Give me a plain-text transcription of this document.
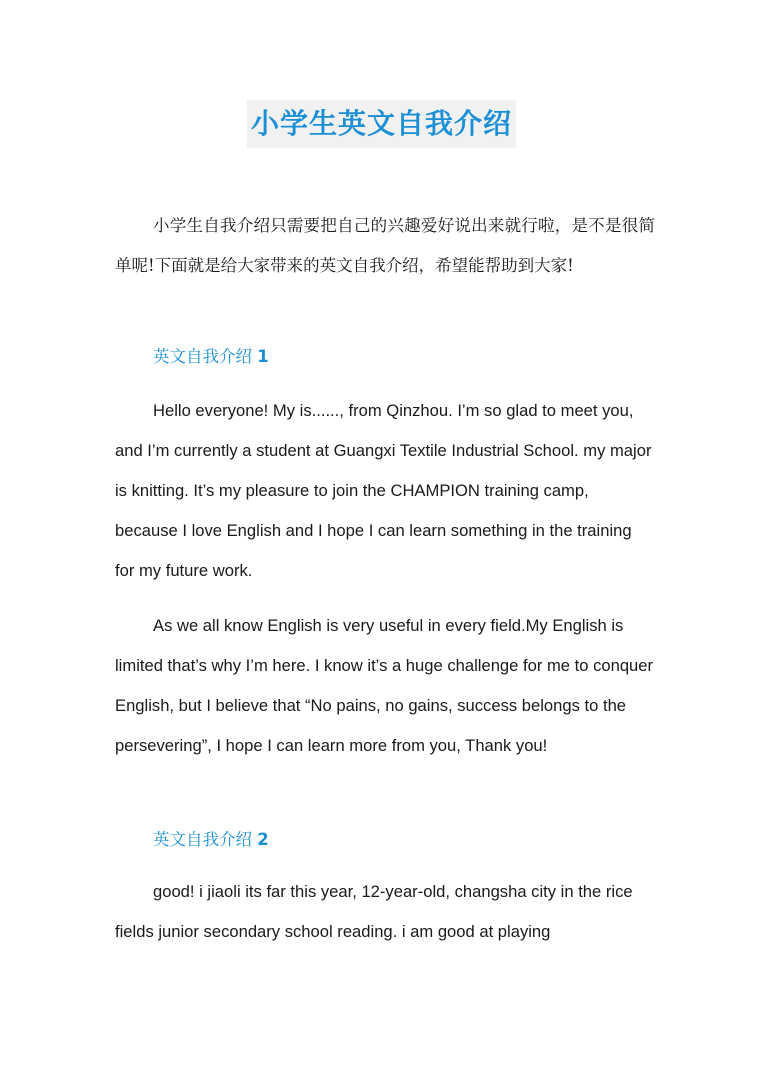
小学生英文自我介绍
小学生自我介绍只需要把自己的兴趣爱好说出来就行啦，是不是很简单呢!下面就是给大家带来的英文自我介绍，希望能帮助到大家!
英文自我介绍 1
Hello everyone! My is......, from Qinzhou. I’m so glad to meet you, and I’m currently a student at Guangxi Textile Industrial School. my major is knitting. It’s my pleasure to join the CHAMPION training camp, because I love English and I hope I can learn something in the training for my future work.
As we all know English is very useful in every field.My English is limited that’s why I’m here. I know it’s a huge challenge for me to conquer English, but I believe that “No pains, no gains, success belongs to the persevering”, I hope I can learn more from you, Thank you!
英文自我介绍 2
good! i jiaoli its far this year, 12-year-old, changsha city in the rice fields junior secondary school reading. i am good at playing
